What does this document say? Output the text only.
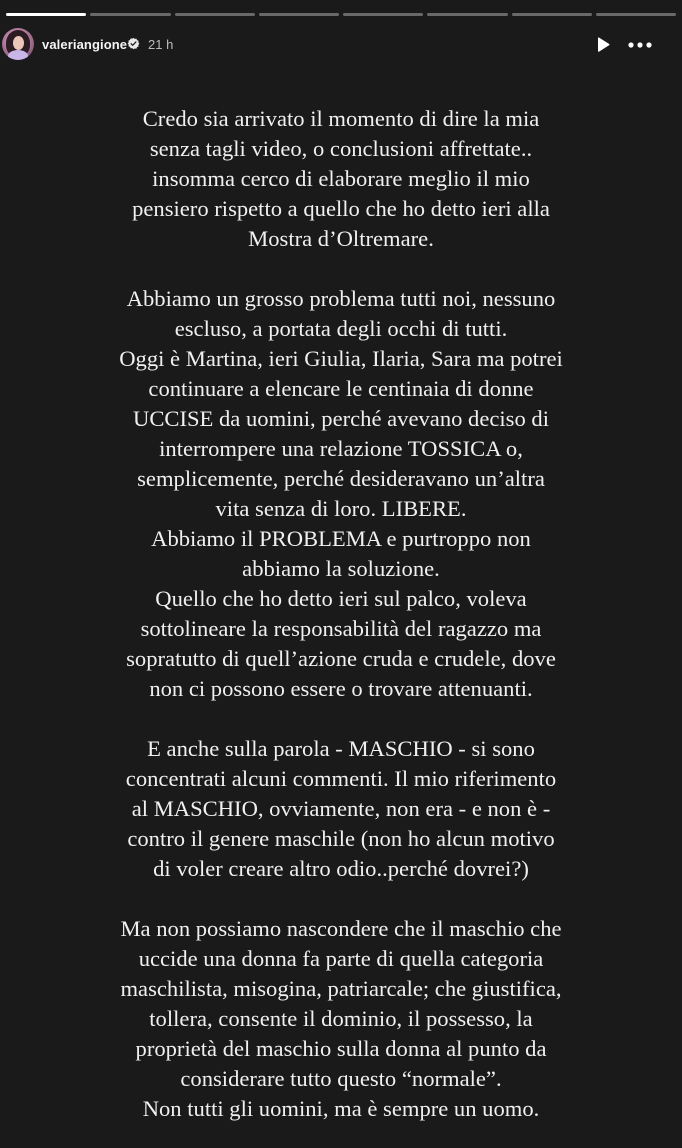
valeriangione 21 h

Credo sia arrivato il momento di dire la mia
senza tagli video, o conclusioni affrettate..
insomma cerco di elaborare meglio il mio
pensiero rispetto a quello che ho detto ieri alla
Mostra d’Oltremare.

Abbiamo un grosso problema tutti noi, nessuno
escluso, a portata degli occhi di tutti.
Oggi è Martina, ieri Giulia, Ilaria, Sara ma potrei
continuare a elencare le centinaia di donne
UCCISE da uomini, perché avevano deciso di
interrompere una relazione TOSSICA o,
semplicemente, perché desideravano un’altra
vita senza di loro. LIBERE.
Abbiamo il PROBLEMA e purtroppo non
abbiamo la soluzione.
Quello che ho detto ieri sul palco, voleva
sottolineare la responsabilità del ragazzo ma
sopratutto di quell’azione cruda e crudele, dove
non ci possono essere o trovare attenuanti.

E anche sulla parola - MASCHIO - si sono
concentrati alcuni commenti. Il mio riferimento
al MASCHIO, ovviamente, non era - e non è -
contro il genere maschile (non ho alcun motivo
di voler creare altro odio..perché dovrei?)

Ma non possiamo nascondere che il maschio che
uccide una donna fa parte di quella categoria
maschilista, misogina, patriarcale; che giustifica,
tollera, consente il dominio, il possesso, la
proprietà del maschio sulla donna al punto da
considerare tutto questo “normale”.
Non tutti gli uomini, ma è sempre un uomo.
